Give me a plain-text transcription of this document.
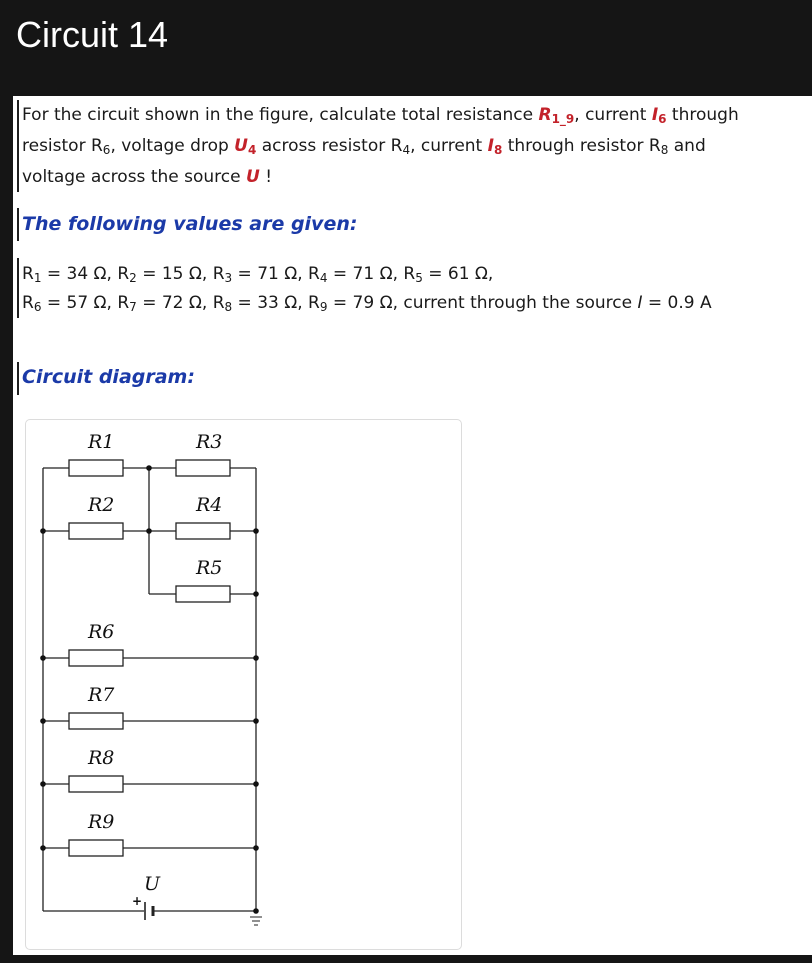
Circuit 14
For the circuit shown in the figure, calculate total resistance $R_{1\_9}$, current $I_6$ through
resistor $R_6$, voltage drop $U_4$ across resistor $R_4$, current $I_8$ through resistor $R_8$ and
voltage across the source U !
The following values are given:
$R_1 = 34$ Ω, $R_2 = 15$ Ω, $R_3 = 71$ Ω, $R_4 = 71$ Ω, $R_5 = 61$ Ω,
$R_6 = 57$ Ω, $R_7 = 72$ Ω, $R_8 = 33$ Ω, $R_9 = 79$ Ω, current through the source I = 0.9 A
Circuit diagram:
R1	R3
R2	R4
R5
R6
R7
R8
R9
U
+
